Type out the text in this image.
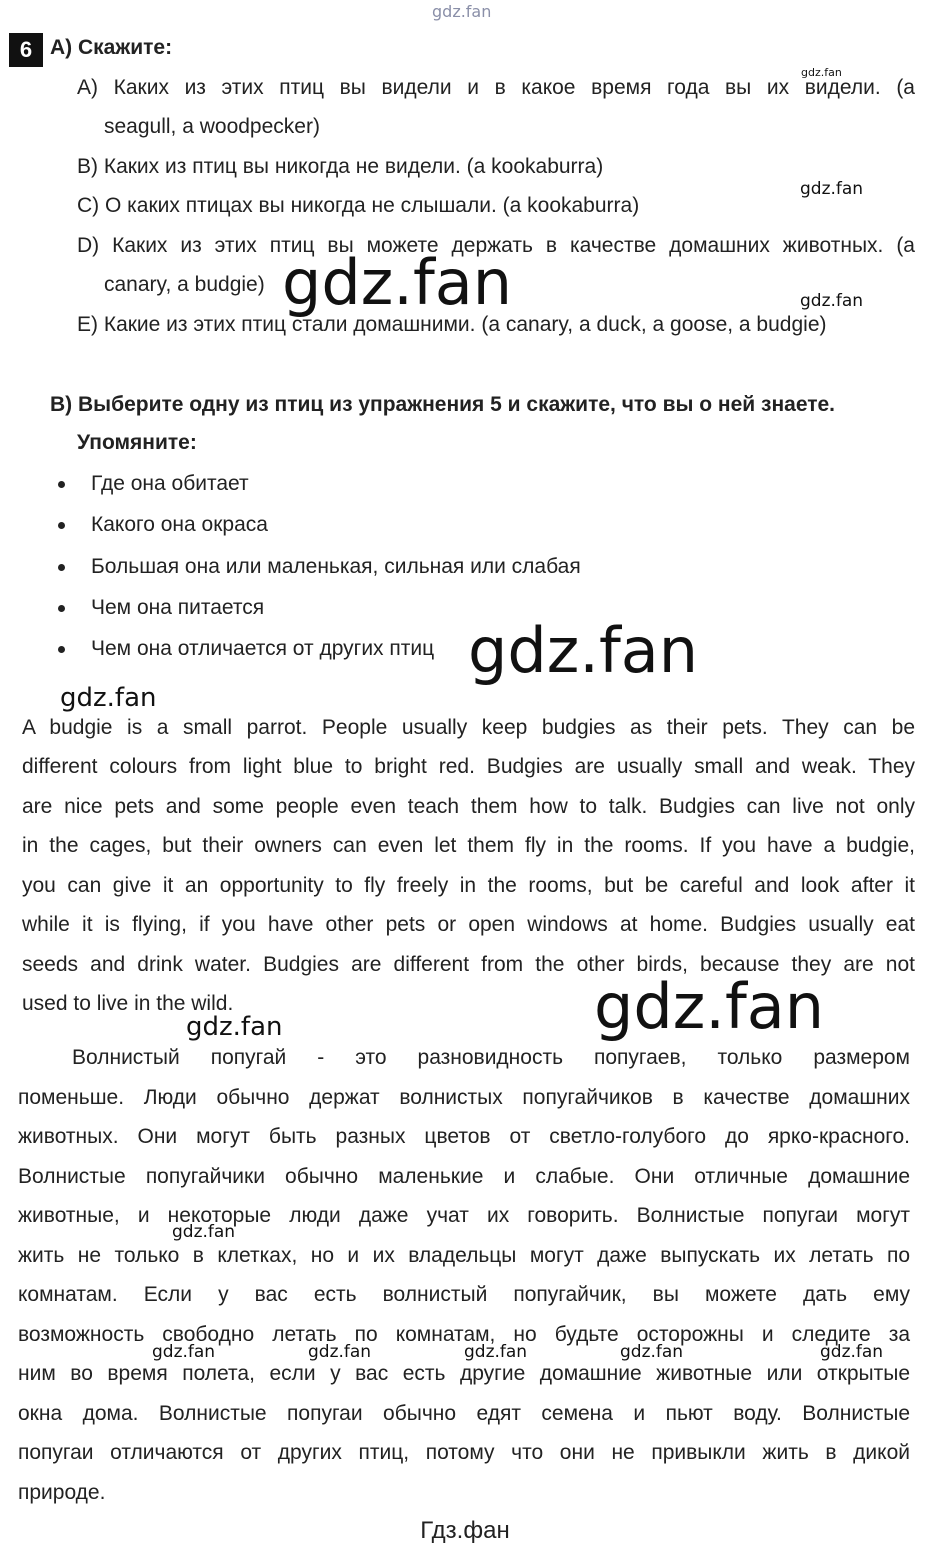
gdz.fan
6 A) Скажите:
A) Каких из этих птиц вы видели и в какое время года вы их видели. (a
seagull, a woodpecker)
B) Каких из птиц вы никогда не видели. (a kookaburra)
C) О каких птицах вы никогда не слышали. (a kookaburra)
D) Каких из этих птиц вы можете держать в качестве домашних животных. (a
canary, a budgie)
E) Какие из этих птиц стали домашними. (a canary, a duck, a goose, a budgie)
B) Выберите одну из птиц из упражнения 5 и скажите, что вы о ней знаете.
Упомяните:
Где она обитает
Какого она окраса
Большая она или маленькая, сильная или слабая
Чем она питается
Чем она отличается от других птиц
A budgie is a small parrot. People usually keep budgies as their pets. They can be
different colours from light blue to bright red. Budgies are usually small and weak. They
are nice pets and some people even teach them how to talk. Budgies can live not only
in the cages, but their owners can even let them fly in the rooms. If you have a budgie,
you can give it an opportunity to fly freely in the rooms, but be careful and look after it
while it is flying, if you have other pets or open windows at home. Budgies usually eat
seeds and drink water. Budgies are different from the other birds, because they are not
used to live in the wild.
Волнистый попугай - это разновидность попугаев, только размером
поменьше. Люди обычно держат волнистых попугайчиков в качестве домашних
животных. Они могут быть разных цветов от светло-голубого до ярко-красного.
Волнистые попугайчики обычно маленькие и слабые. Они отличные домашние
животные, и некоторые люди даже учат их говорить. Волнистые попугаи могут
жить не только в клетках, но и их владельцы могут даже выпускать их летать по
комнатам. Если у вас есть волнистый попугайчик, вы можете дать ему
возможность свободно летать по комнатам, но будьте осторожны и следите за
ним во время полета, если у вас есть другие домашние животные или открытые
окна дома. Волнистые попугаи обычно едят семена и пьют воду. Волнистые
попугаи отличаются от других птиц, потому что они не привыкли жить в дикой
природе.
gdz.fan
gdz.fan
gdz.fan	gdz.fan
gdz.fan
gdz.fan
gdz.fan
gdz.fan
gdz.fan
gdz.fan	gdz.fan	gdz.fan	gdz.fan	gdz.fan
Гдз.фан
